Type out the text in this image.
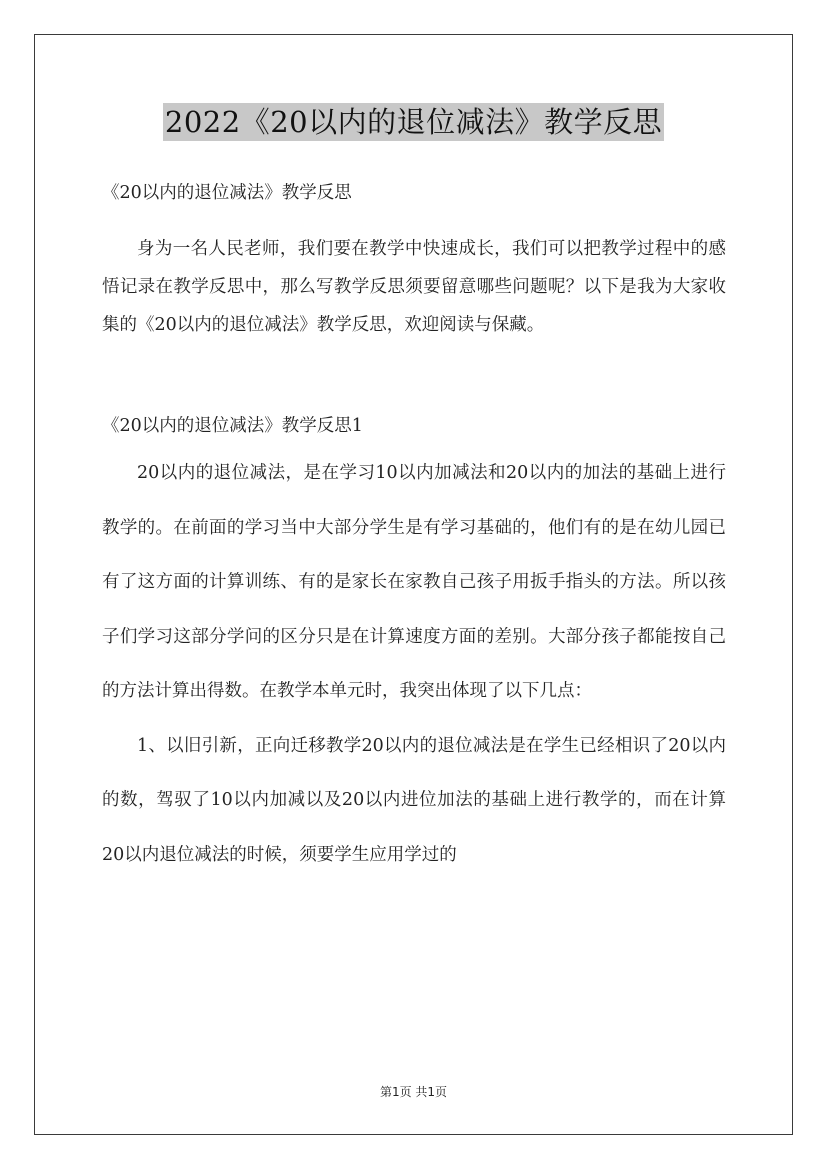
2022《20以内的退位减法》教学反思

《20以内的退位减法》教学反思

身为一名人民老师，我们要在教学中快速成长，我们可以把教学过程中的感悟记录在教学反思中，那么写教学反思须要留意哪些问题呢？以下是我为大家收集的《20以内的退位减法》教学反思，欢迎阅读与保藏。

《20以内的退位减法》教学反思1

20以内的退位减法，是在学习10以内加减法和20以内的加法的基础上进行教学的。在前面的学习当中大部分学生是有学习基础的，他们有的是在幼儿园已有了这方面的计算训练、有的是家长在家教自己孩子用扳手指头的方法。所以孩子们学习这部分学问的区分只是在计算速度方面的差别。大部分孩子都能按自己的方法计算出得数。在教学本单元时，我突出体现了以下几点：

1、以旧引新，正向迁移教学20以内的退位减法是在学生已经相识了20以内的数，驾驭了10以内加减以及20以内进位加法的基础上进行教学的，而在计算20以内退位减法的时候，须要学生应用学过的

第1页 共1页
